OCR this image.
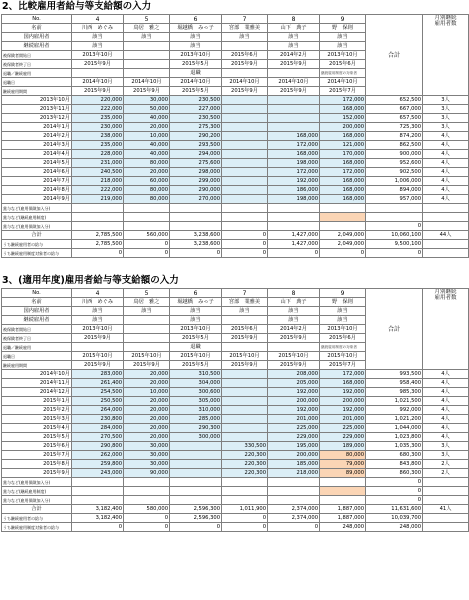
2、比較雇用者給与等支給額の入力
No.	4	5	6	7	8	9	合計	月別継続
雇用者数
名前	川西　めぐみ	鳥居　雅之	堀越橋　みっ子	宮部　業雅美	山下　典子	野　保則		
国内雇用者	該当	該当	該当	該当	該当	該当		
継続雇用者	該当		該当		該当	該当		
被保険者開始日	2013年10月		2013年10月	2015年6月	2014年2月	2013年10月		
被保険者終了日	2015年9月		2015年5月	2015年9月	2015年9月	2015年6月		
退職／継続雇用			退職			継続雇用制度の対象者		
退職日	2014年10月	2014年10月	2014年10月	2014年10月	2014年10月	2014年10月		
継続雇用期間	2015年9月	2015年9月	2015年5月	2015年9月	2015年9月	2015年7月		
2013年10月	220,000	30,000	230,500			172,000	652,500	3人
2013年11月	222,000	50,000	227,000			168,000	667,000	3人
2013年12月	235,000	40,000	230,500			152,000	657,500	3人
2014年1月	230,000	20,000	275,300			200,000	725,300	3人
2014年2月	238,000	10,000	290,200		168,000	168,000	874,200	4人
2014年3月	235,000	40,000	293,500		172,000	121,000	862,500	4人
2014年4月	228,000	40,000	294,000		168,000	170,000	900,000	4人
2014年5月	231,000	80,000	275,600		198,000	168,000	952,600	4人
2014年6月	240,500	20,000	298,000		172,000	172,000	902,500	4人
2014年7月	218,000	60,000	299,000		192,000	168,000	1,006,000	4人
2014年8月	222,000	80,000	290,000		186,000	168,000	894,000	4人
2014年9月	219,000	80,000	270,000		198,000	168,000	957,000	4人
賞与など(雇用保険加入分)								
賞与など(継続雇用制度)								
賞与など(雇用保険加入分)							0	
合計	2,785,500	560,000	3,238,600	0	1,427,000	2,049,000	10,060,100	44人
うち継続雇用者の給与	2,785,500	0	3,238,600	0	1,427,000	2,049,000	9,500,100	
うち継続雇用制度対象者の給与	0	0	0	0	0	0	0	
3、(適用年度)雇用者給与等支給額の入力
No.	4	5	6	7	8	9	合計	月別継続
雇用者数
名前	川西　めぐみ	鳥居　雅之	堀越橋　みっ子	宮部　業雅美	山下　典子	野　保則		
国内雇用者	該当	該当	該当	該当	該当	該当		
継続雇用者	該当		該当		該当	該当		
被保険者開始日	2013年10月		2013年10月	2015年6月	2014年2月	2013年10月		
被保険者終了日	2015年9月		2015年5月	2015年9月	2015年9月	2015年6月		
退職／継続雇用			退職			継続雇用制度の対象者		
退職日	2015年10月	2015年10月	2015年10月	2015年10月	2015年10月	2015年10月		
継続雇用期間	2015年9月	2015年9月	2015年5月	2015年9月	2015年9月	2015年7月		
2014年10月	283,000	20,000	310,500		208,000	172,000	993,500	4人
2014年11月	261,400	20,000	304,000		205,000	168,000	958,400	4人
2014年12月	254,500	10,000	300,600		192,000	192,000	985,300	4人
2015年1月	250,500	20,000	305,000		200,000	200,000	1,021,500	4人
2015年2月	264,000	20,000	310,000		192,000	192,000	992,000	4人
2015年3月	230,800	20,000	285,000		201,000	201,000	1,021,200	4人
2015年4月	284,000	20,000	290,300		225,000	225,000	1,044,000	4人
2015年5月	270,500	20,000	300,000		229,000	229,000	1,023,800	4人
2015年6月	290,800	30,000		330,500	195,000	189,000	1,035,300	3人
2015年7月	262,000	30,000		220,300	200,000	80,000	680,300	3人
2015年8月	259,800	30,000		220,300	185,000	79,000	843,800	2人
2015年9月	243,000	90,000		220,300	218,000	89,000	860,300	2人
賞与など(雇用保険加入分)							0	
賞与など(継続雇用制度)							0	
賞与など(雇用保険加入分)							0	
合計	3,182,400	580,000	2,596,300	1,011,900	2,374,000	1,887,000	11,631,600	41人
うち継続雇用者の給与	3,182,400	0	2,596,300	0	2,374,000	1,887,000	10,039,700	
うち継続雇用制度対象者の給与	0	0	0	0	0	248,000	248,000	
